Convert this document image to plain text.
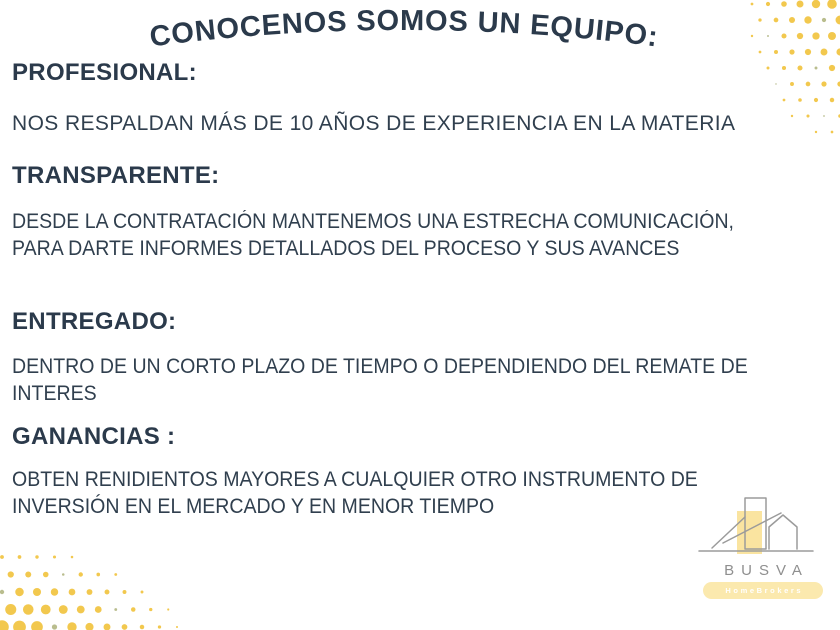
CONOCENOS SOMOS UN EQUIPO:
PROFESIONAL:
NOS RESPALDAN MÁS DE 10 AÑOS DE EXPERIENCIA EN LA MATERIA
TRANSPARENTE:
DESDE LA CONTRATACIÓN MANTENEMOS UNA ESTRECHA COMUNICACIÓN,
PARA DARTE INFORMES DETALLADOS DEL PROCESO Y SUS AVANCES
ENTREGADO:
DENTRO DE UN CORTO PLAZO DE TIEMPO O DEPENDIENDO DEL REMATE DE
INTERES
GANANCIAS :
OBTEN RENIDIENTOS MAYORES A CUALQUIER OTRO INSTRUMENTO DE
INVERSIÓN EN EL MERCADO Y EN MENOR TIEMPO
BUSVA
HomeBrokers
